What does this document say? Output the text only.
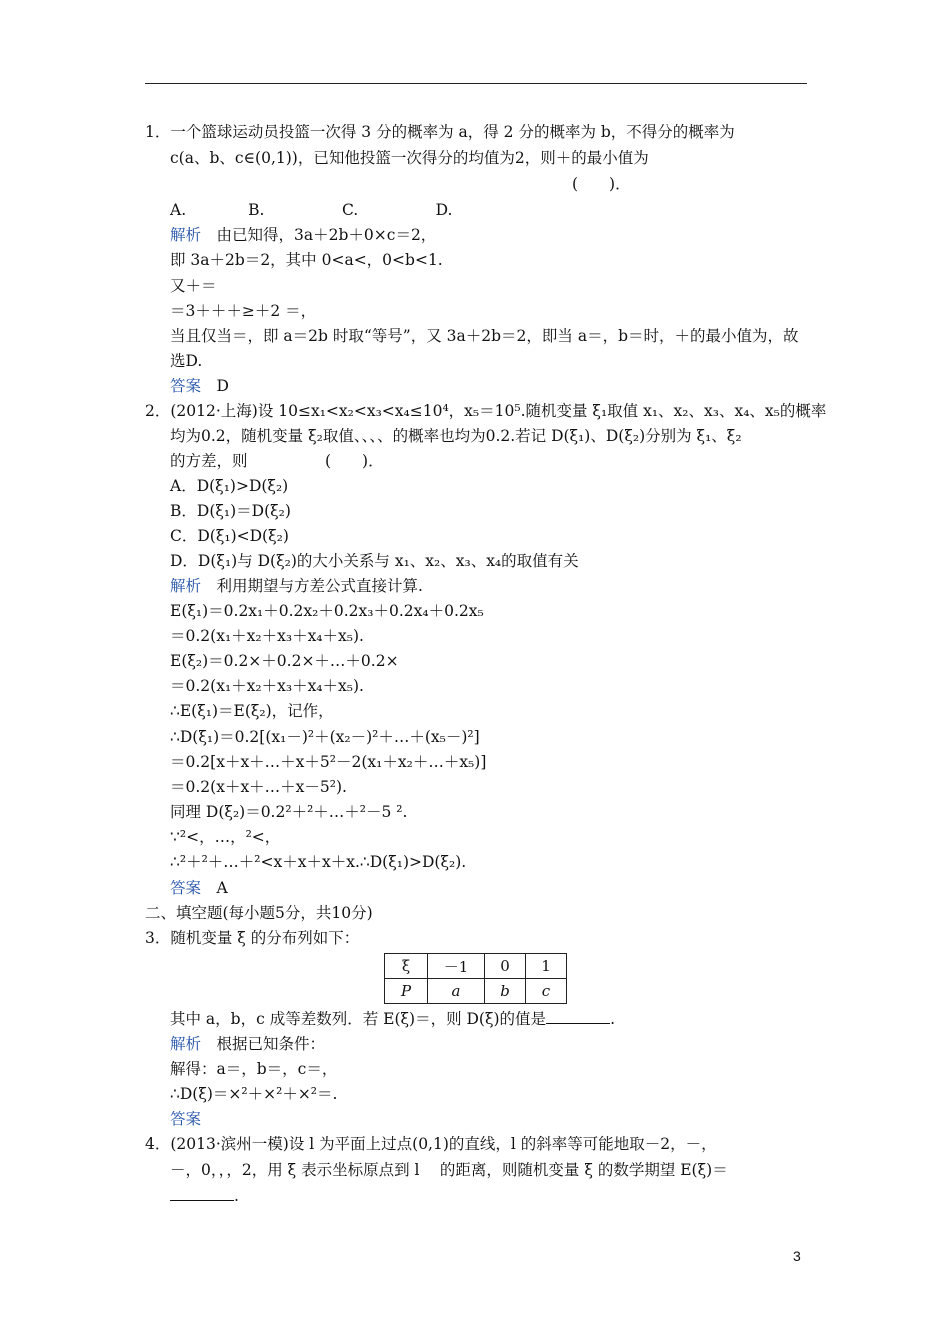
1．一个篮球运动员投篮一次得 3 分的概率为 a，得 2 分的概率为 b，不得分的概率为
c(a、b、c∈(0,1))，已知他投篮一次得分的均值为2，则＋的最小值为
(　　)．
A.　　　　B.　　　　　C.　　　　　D.
解析　 由已知得，3a＋2b＋0×c＝2，
即 3a＋2b＝2，其中 0<a<，0<b<1.
又＋＝
＝3＋＋＋≥＋2 ＝，
当且仅当＝，即 a＝2b 时取“等号”，又 3a＋2b＝2，即当 a＝，b＝时，＋的最小值为，故
选D.
答案　 D
2．(2012·上海)设 10≤x₁<x₂<x₃<x₄≤10⁴，x₅＝10⁵.随机变量 ξ₁取值 x₁、x₂、x₃、x₄、x₅的概率
均为0.2，随机变量 ξ₂取值、、、、的概率也均为0.2.若记 D(ξ₁)、D(ξ₂)分别为 ξ₁、ξ₂
的方差，则　　　　　(　　)．
A．D(ξ₁)>D(ξ₂)
B．D(ξ₁)＝D(ξ₂)
C．D(ξ₁)<D(ξ₂)
D．D(ξ₁)与 D(ξ₂)的大小关系与 x₁、x₂、x₃、x₄的取值有关
解析　 利用期望与方差公式直接计算.
E(ξ₁)＝0.2x₁＋0.2x₂＋0.2x₃＋0.2x₄＋0.2x₅
＝0.2(x₁＋x₂＋x₃＋x₄＋x₅).
E(ξ₂)＝0.2×＋0.2×＋…＋0.2×
＝0.2(x₁＋x₂＋x₃＋x₄＋x₅).
∴E(ξ₁)＝E(ξ₂)，记作，
∴D(ξ₁)＝0.2[(x₁－)²＋(x₂－)²＋…＋(x₅－)²]
＝0.2[x＋x＋…＋x＋5²－2(x₁＋x₂＋…＋x₅)]
＝0.2(x＋x＋…＋x－5²).
同理 D(ξ₂)＝0.2²＋²＋…＋²－5 ².
∵²<，…，²<，
∴²＋²＋…＋²<x＋x＋x＋x.∴D(ξ₁)>D(ξ₂).
答案　 A
二、填空题(每小题5分，共10分)
3．随机变量 ξ 的分布列如下：
ξ	－1	0	1
P	a	b	c
其中 a，b，c 成等差数列．若 E(ξ)＝，则 D(ξ)的值是	.
解析　 根据已知条件：
解得：a＝，b＝，c＝，
∴D(ξ)＝×²＋×²＋×²＝.
答案
4．(2013·滨州一模)设 l 为平面上过点(0,1)的直线，l 的斜率等可能地取－2，－，
－，0，，，2，用 ξ 表示坐标原点到 l　 的距离，则随机变量 ξ 的数学期望 E(ξ)＝
.
3
